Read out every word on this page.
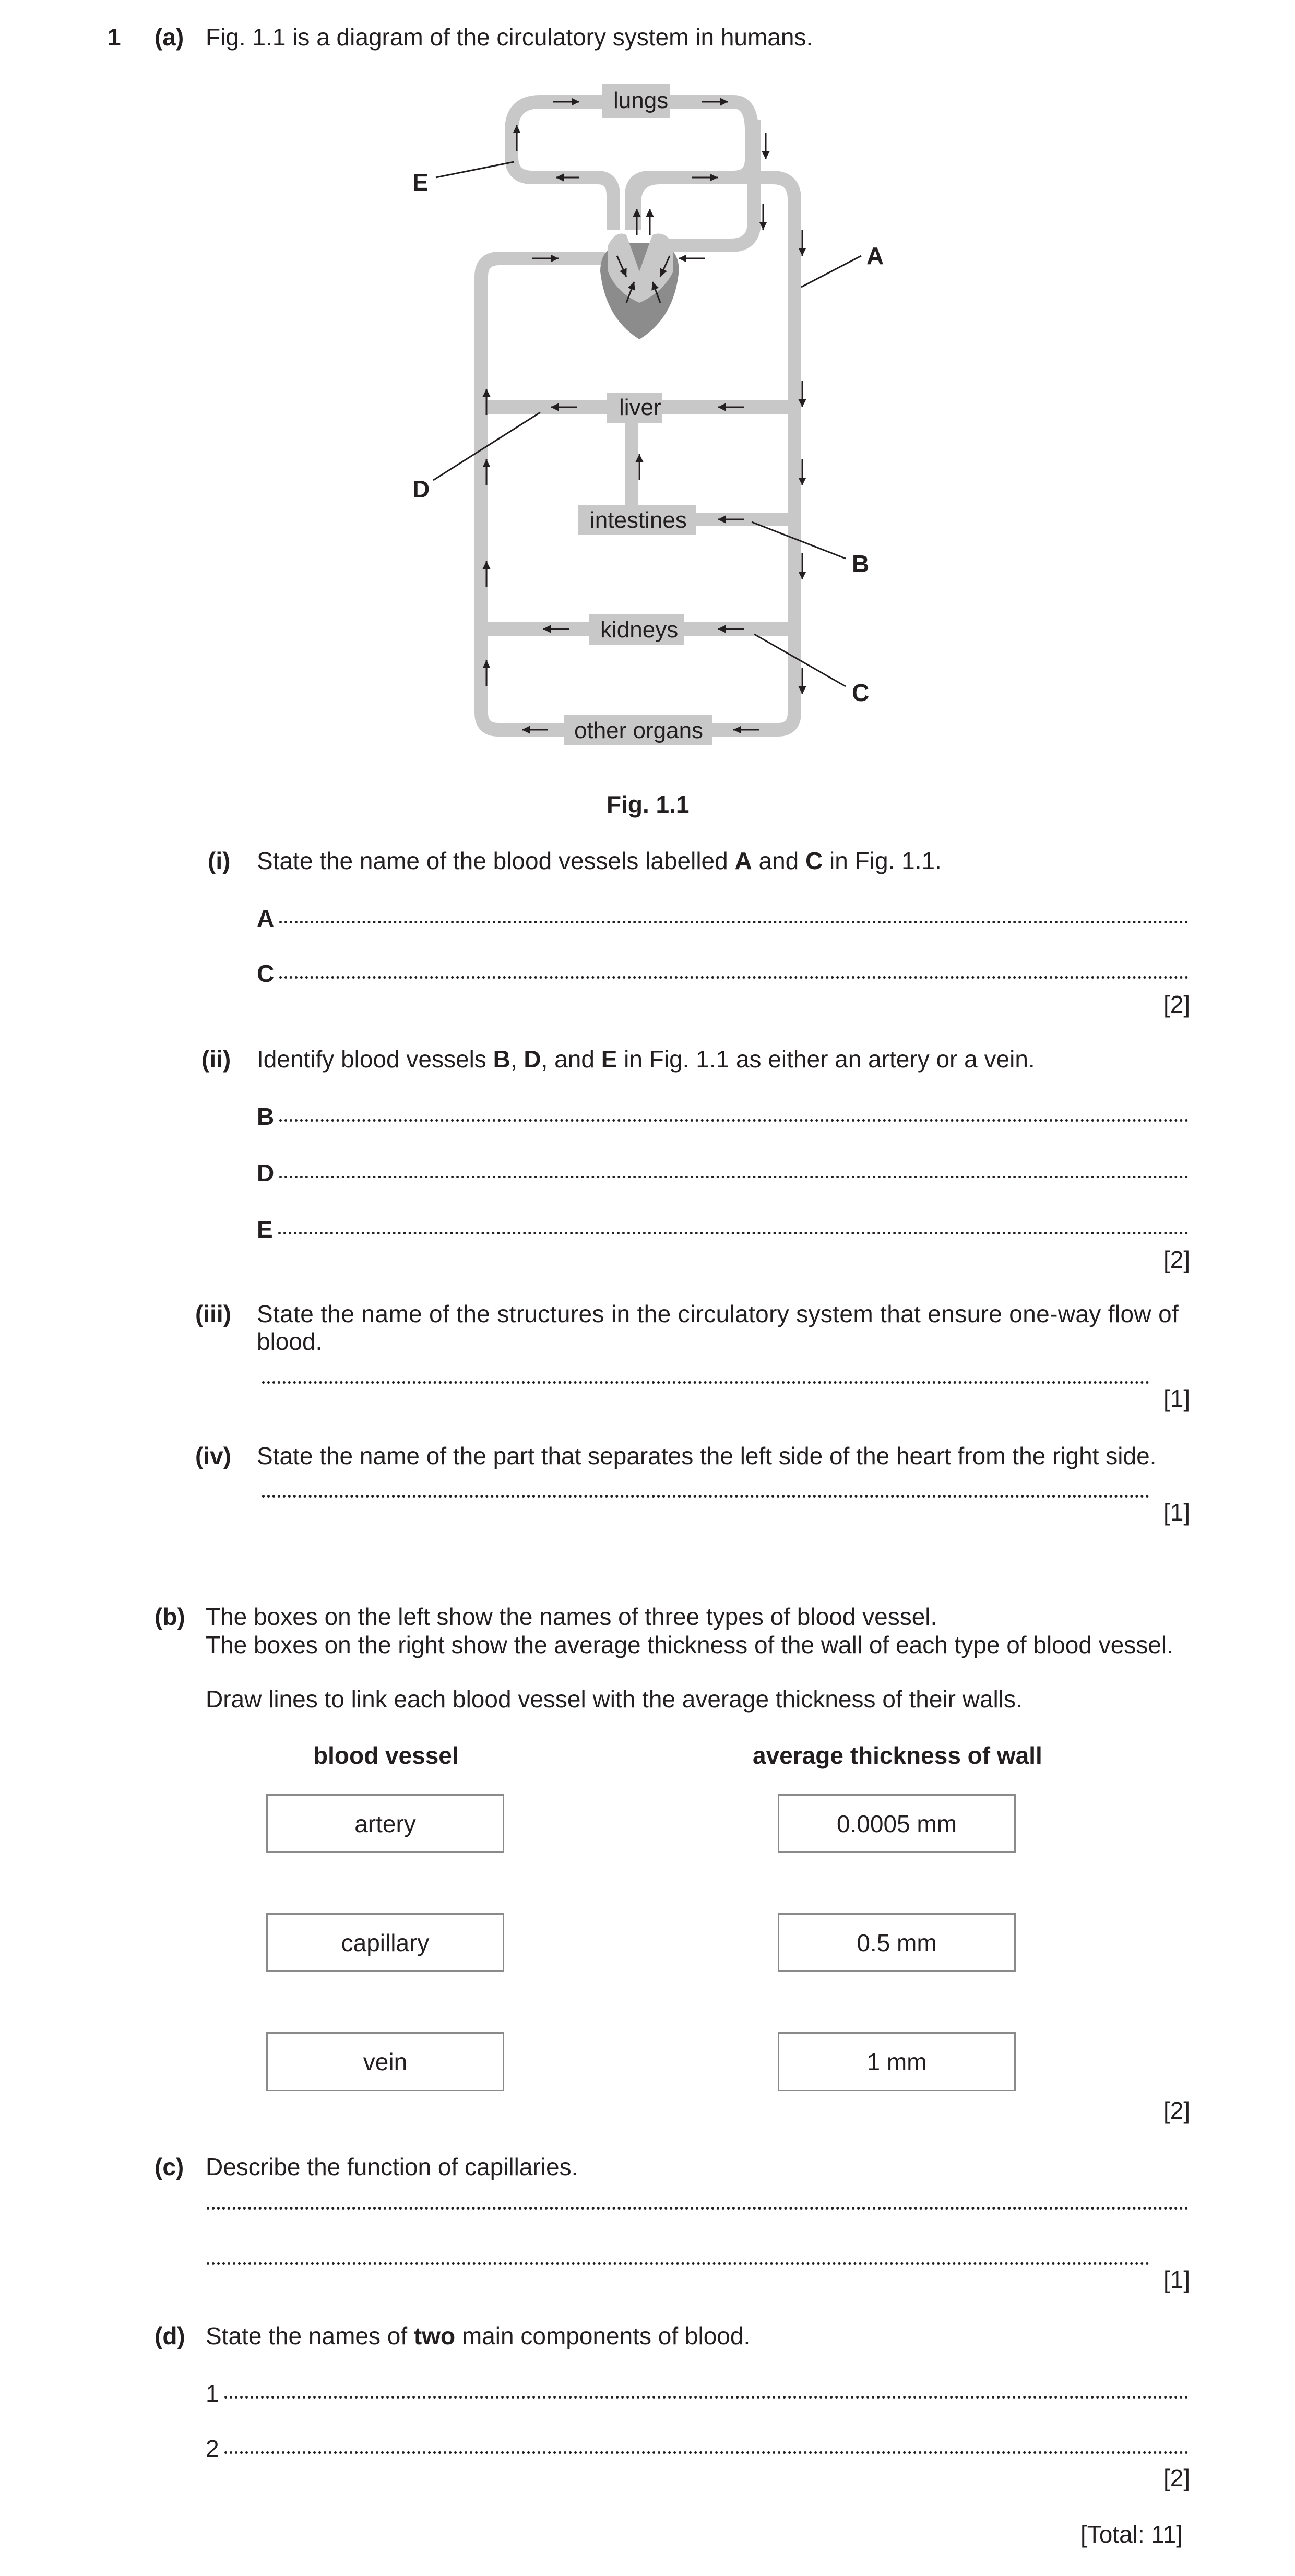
1 (a) Fig. 1.1 is a diagram of the circulatory system in humans.
lungs
liver
intestines
kidneys
other organs
A
B
C
D
E
Fig. 1.1
(i) State the name of the blood vessels labelled A and C in Fig. 1.1.
A
C
[2]
(ii) Identify blood vessels B, D, and E in Fig. 1.1 as either an artery or a vein.
B
D
E
[2]
(iii) State the name of the structures in the circulatory system that ensure one-way flow of
blood.
[1]
(iv) State the name of the part that separates the left side of the heart from the right side.
[1]
(b) The boxes on the left show the names of three types of blood vessel.
The boxes on the right show the average thickness of the wall of each type of blood vessel.
Draw lines to link each blood vessel with the average thickness of their walls.
blood vessel	average thickness of wall
artery
capillary
vein
0.0005 mm
0.5 mm
1 mm
[2]
(c) Describe the function of capillaries.
[1]
(d) State the names of two main components of blood.
1
2
[2]
[Total: 11]
